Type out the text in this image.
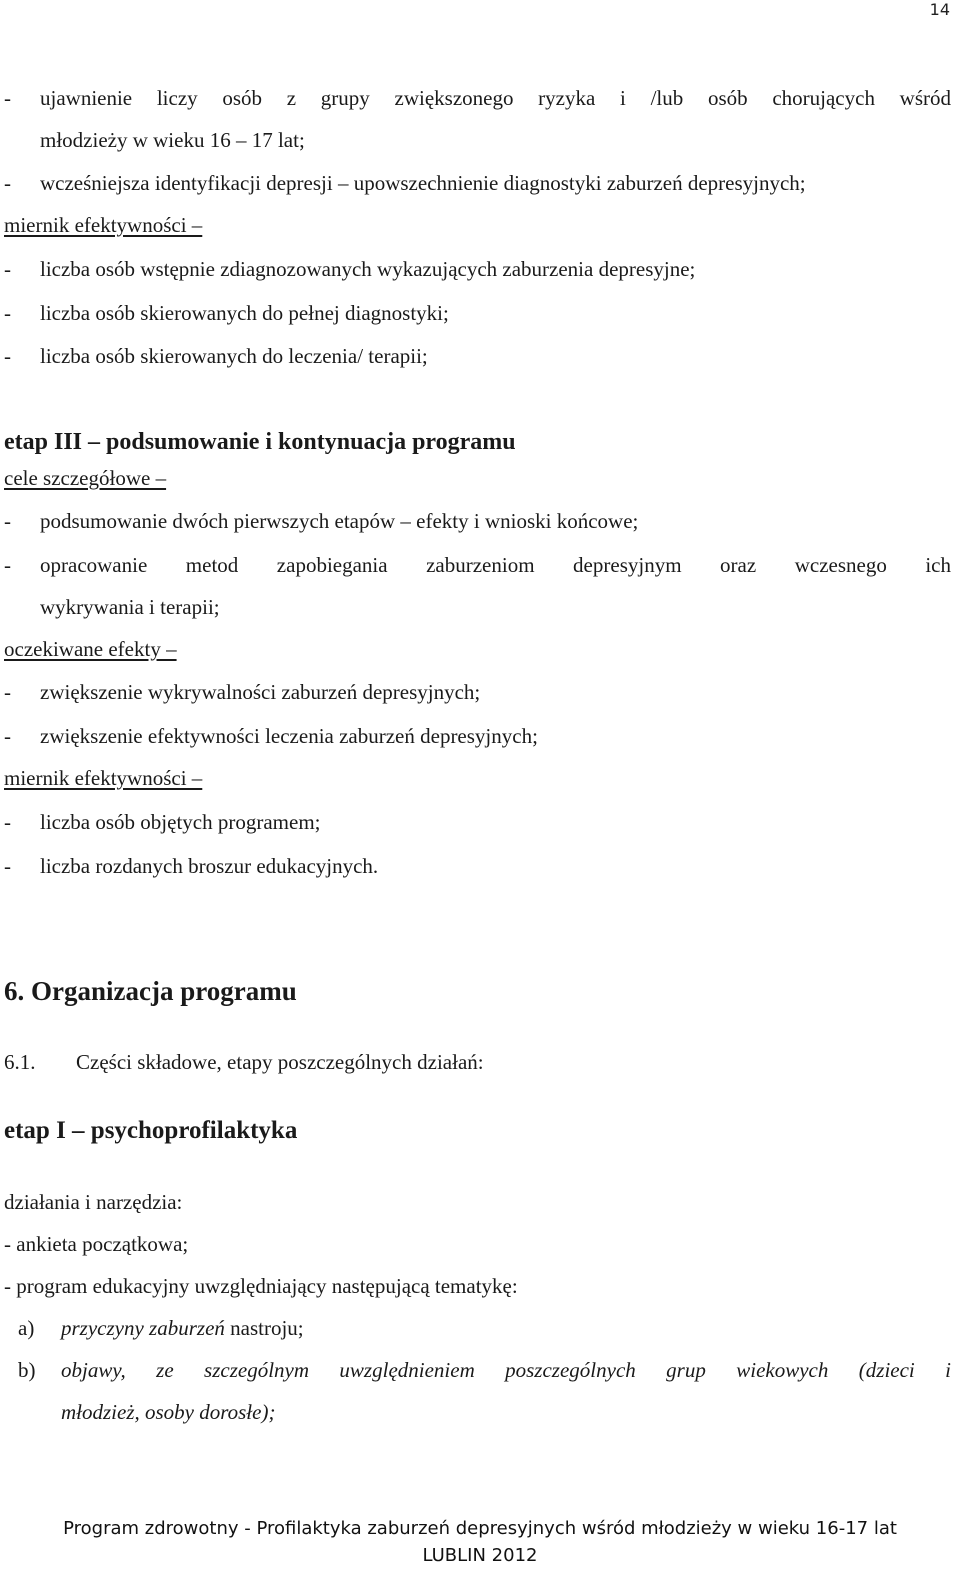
14
-	ujawnienie liczy osób z grupy zwiększonego ryzyka i /lub osób chorujących wśród
młodzieży w wieku 16 – 17 lat;
-	wcześniejsza identyfikacji depresji – upowszechnienie diagnostyki zaburzeń depresyjnych;
miernik efektywności –
-	liczba osób wstępnie zdiagnozowanych wykazujących zaburzenia depresyjne;
-	liczba osób skierowanych do pełnej diagnostyki;
-	liczba osób skierowanych do leczenia/ terapii;
etap III – podsumowanie i kontynuacja programu
cele szczegółowe –
-	podsumowanie dwóch pierwszych etapów – efekty i wnioski końcowe;
-	opracowanie metod zapobiegania zaburzeniom depresyjnym oraz wczesnego ich
wykrywania i terapii;
oczekiwane efekty –
-	zwiększenie wykrywalności zaburzeń depresyjnych;
-	zwiększenie efektywności leczenia zaburzeń depresyjnych;
miernik efektywności –
-	liczba osób objętych programem;
-	liczba rozdanych broszur edukacyjnych.
6. Organizacja programu
6.1. Części składowe, etapy poszczególnych działań:
etap I – psychoprofilaktyka
działania i narzędzia:
- ankieta początkowa;
- program edukacyjny uwzględniający następującą tematykę:
a)	przyczyny zaburzeń nastroju;
b)	objawy, ze szczególnym uwzględnieniem poszczególnych grup wiekowych (dzieci i
młodzież, osoby dorosłe);
Program zdrowotny - Profilaktyka zaburzeń depresyjnych wśród młodzieży w wieku 16-17 lat
LUBLIN 2012
